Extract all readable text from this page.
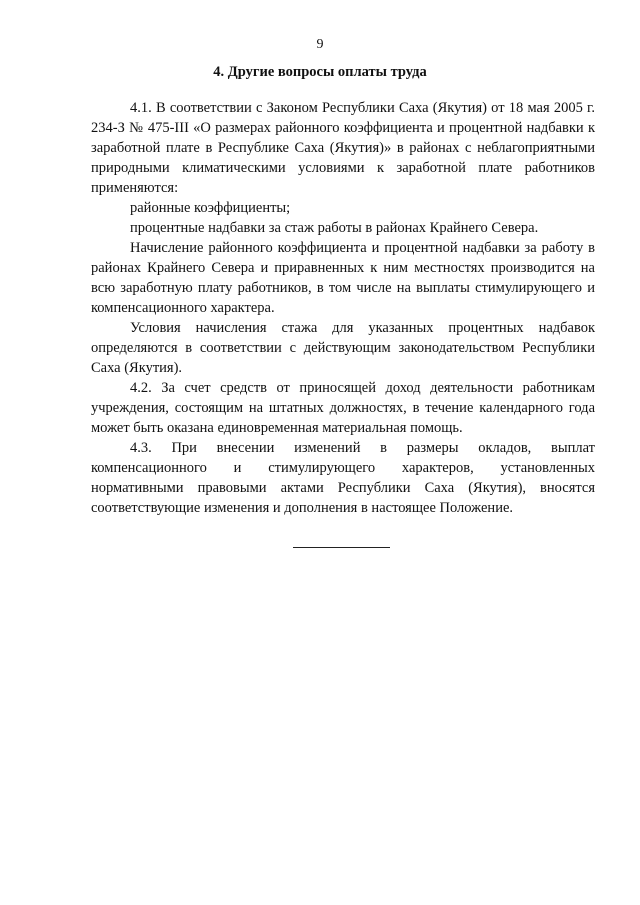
9
4. Другие вопросы оплаты труда

4.1. В соответствии с Законом Республики Саха (Якутия) от 18 мая 2005 г. 234-З № 475-III «О размерах районного коэффициента и процентной надбавки к заработной плате в Республике Саха (Якутия)» в районах с неблагоприятными природными климатическими условиями к заработной плате работников применяются:

районные коэффициенты;

процентные надбавки за стаж работы в районах Крайнего Севера.

Начисление районного коэффициента и процентной надбавки за работу в районах Крайнего Севера и приравненных к ним местностях производится на всю заработную плату работников, в том числе на выплаты стимулирующего и компенсационного характера.

Условия начисления стажа для указанных процентных надбавок определяются в соответствии с действующим законодательством Республики Саха (Якутия).

4.2. За счет средств от приносящей доход деятельности работникам учреждения, состоящим на штатных должностях, в течение календарного года может быть оказана единовременная материальная помощь.

4.3. При внесении изменений в размеры окладов, выплат компенсационного и стимулирующего характеров, установленных нормативными правовыми актами Республики Саха (Якутия), вносятся соответствующие изменения и дополнения в настоящее Положение.
